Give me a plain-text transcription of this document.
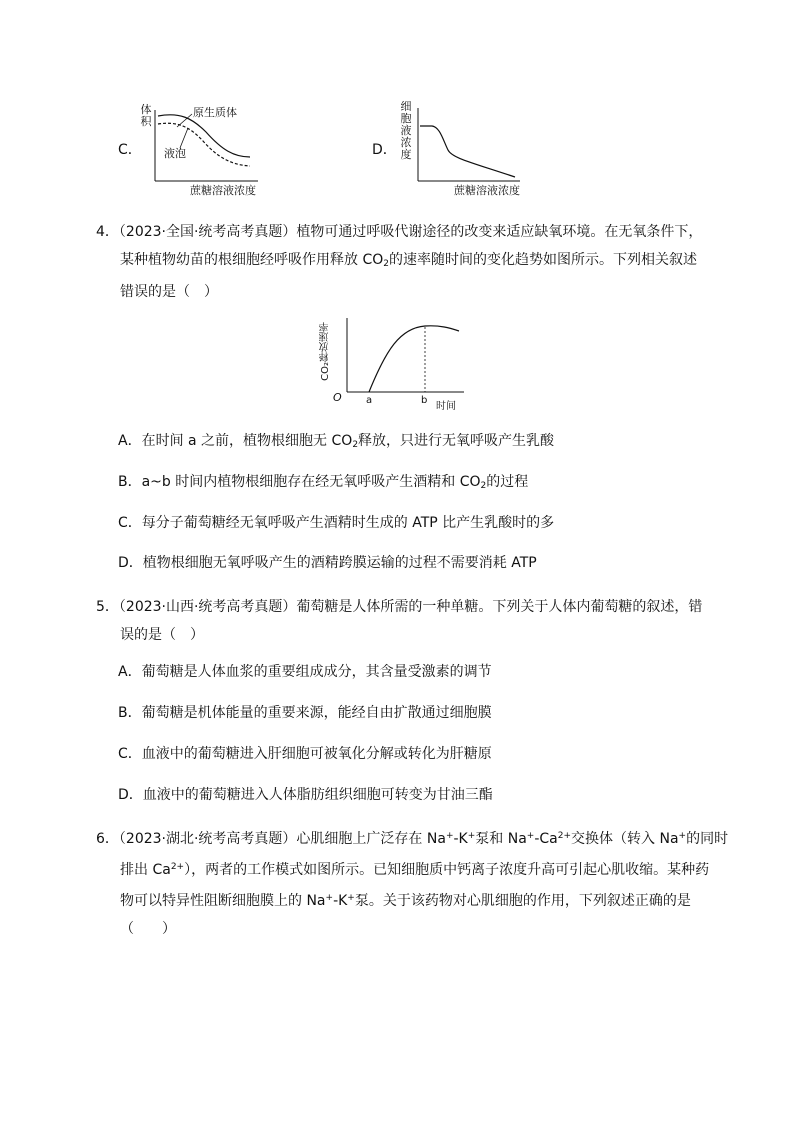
C．
体
积
原生质体
液泡
蔗糖溶液浓度
D．
细
胞
液
浓
度
蔗糖溶液浓度
4．（2023·全国·统考高考真题）植物可通过呼吸代谢途径的改变来适应缺氧环境。在无氧条件下，
某种植物幼苗的根细胞经呼吸作用释放 $CO_2$的速率随时间的变化趋势如图所示。下列相关叙述
错误的是（　）
CO₂释放速率
O a	b
时间
A．在时间 a 之前，植物根细胞无 $CO_2$释放，只进行无氧呼吸产生乳酸
B．a~b 时间内植物根细胞存在经无氧呼吸产生酒精和 $CO_2$的过程
C．每分子葡萄糖经无氧呼吸产生酒精时生成的 ATP 比产生乳酸时的多
D．植物根细胞无氧呼吸产生的酒精跨膜运输的过程不需要消耗 ATP
5．（2023·山西·统考高考真题）葡萄糖是人体所需的一种单糖。下列关于人体内葡萄糖的叙述，错
误的是（　）
A．葡萄糖是人体血浆的重要组成成分，其含量受激素的调节
B．葡萄糖是机体能量的重要来源，能经自由扩散通过细胞膜
C．血液中的葡萄糖进入肝细胞可被氧化分解或转化为肝糖原
D．血液中的葡萄糖进入人体脂肪组织细胞可转变为甘油三酯
6．（2023·湖北·统考高考真题）心肌细胞上广泛存在 Na+-K+泵和 $Na^+-Ca^{2+}$交换体（转入 Na+的同时
排出 $Ca^{2+}$），两者的工作模式如图所示。已知细胞质中钙离子浓度升高可引起心肌收缩。某种药
物可以特异性阻断细胞膜上的 Na+-K+泵。关于该药物对心肌细胞的作用，下列叙述正确的是
（　　）
